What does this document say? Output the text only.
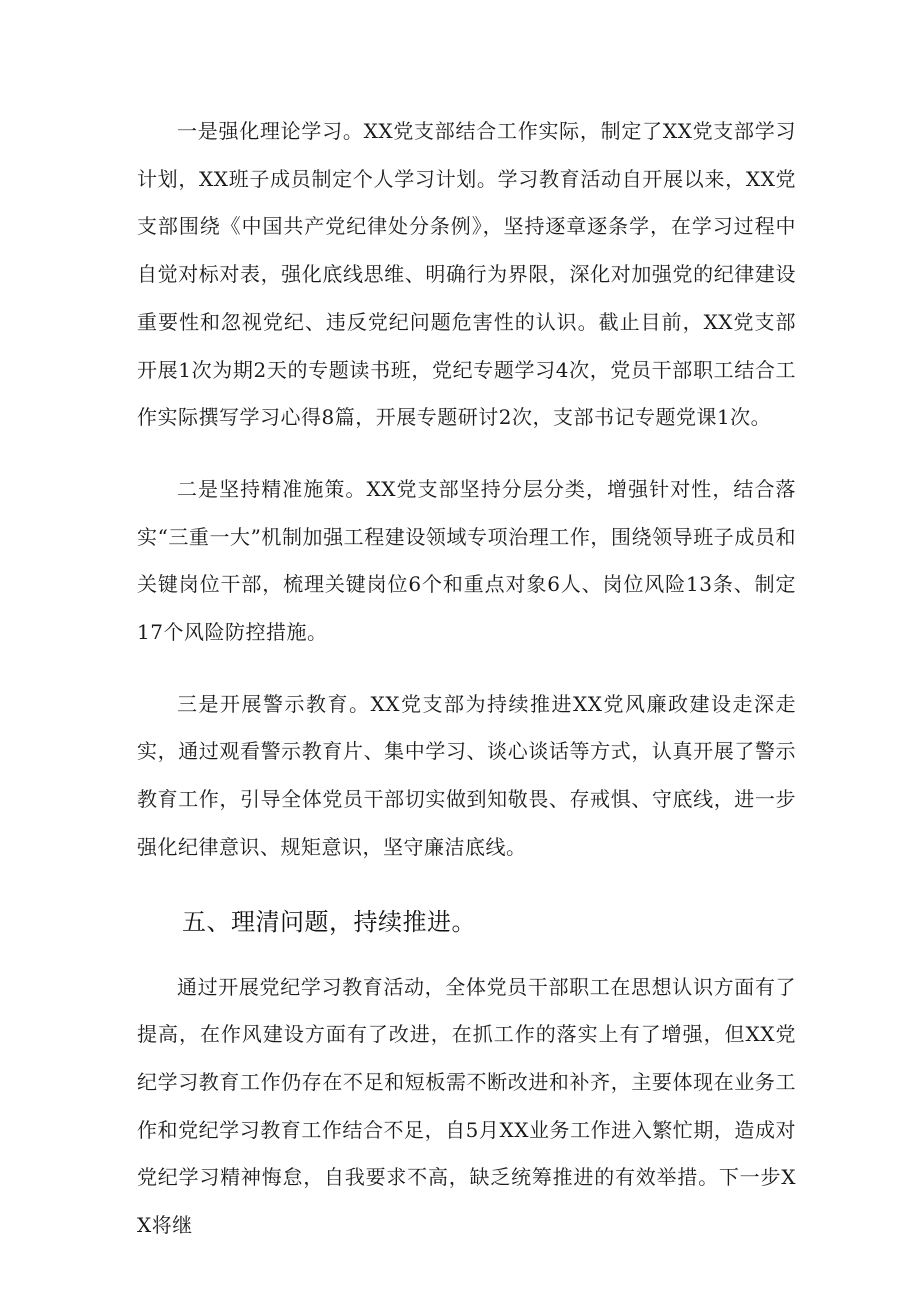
一是强化理论学习。XX党支部结合工作实际，制定了XX党支部学习计划，XX班子成员制定个人学习计划。学习教育活动自开展以来，XX党支部围绕《中国共产党纪律处分条例》，坚持逐章逐条学，在学习过程中自觉对标对表，强化底线思维、明确行为界限，深化对加强党的纪律建设重要性和忽视党纪、违反党纪问题危害性的认识。截止目前，XX党支部开展1次为期2天的专题读书班，党纪专题学习4次，党员干部职工结合工作实际撰写学习心得8篇，开展专题研讨2次，支部书记专题党课1次。

二是坚持精准施策。XX党支部坚持分层分类，增强针对性，结合落实“三重一大”机制加强工程建设领域专项治理工作，围绕领导班子成员和关键岗位干部，梳理关键岗位6个和重点对象6人、岗位风险13条、制定17个风险防控措施。

三是开展警示教育。XX党支部为持续推进XX党风廉政建设走深走实，通过观看警示教育片、集中学习、谈心谈话等方式，认真开展了警示教育工作，引导全体党员干部切实做到知敬畏、存戒惧、守底线，进一步强化纪律意识、规矩意识，坚守廉洁底线。

五、理清问题，持续推进。

通过开展党纪学习教育活动，全体党员干部职工在思想认识方面有了提高，在作风建设方面有了改进，在抓工作的落实上有了增强，但XX党纪学习教育工作仍存在不足和短板需不断改进和补齐，主要体现在业务工作和党纪学习教育工作结合不足，自5月XX业务工作进入繁忙期，造成对党纪学习精神悔怠，自我要求不高，缺乏统筹推进的有效举措。下一步XX将继
